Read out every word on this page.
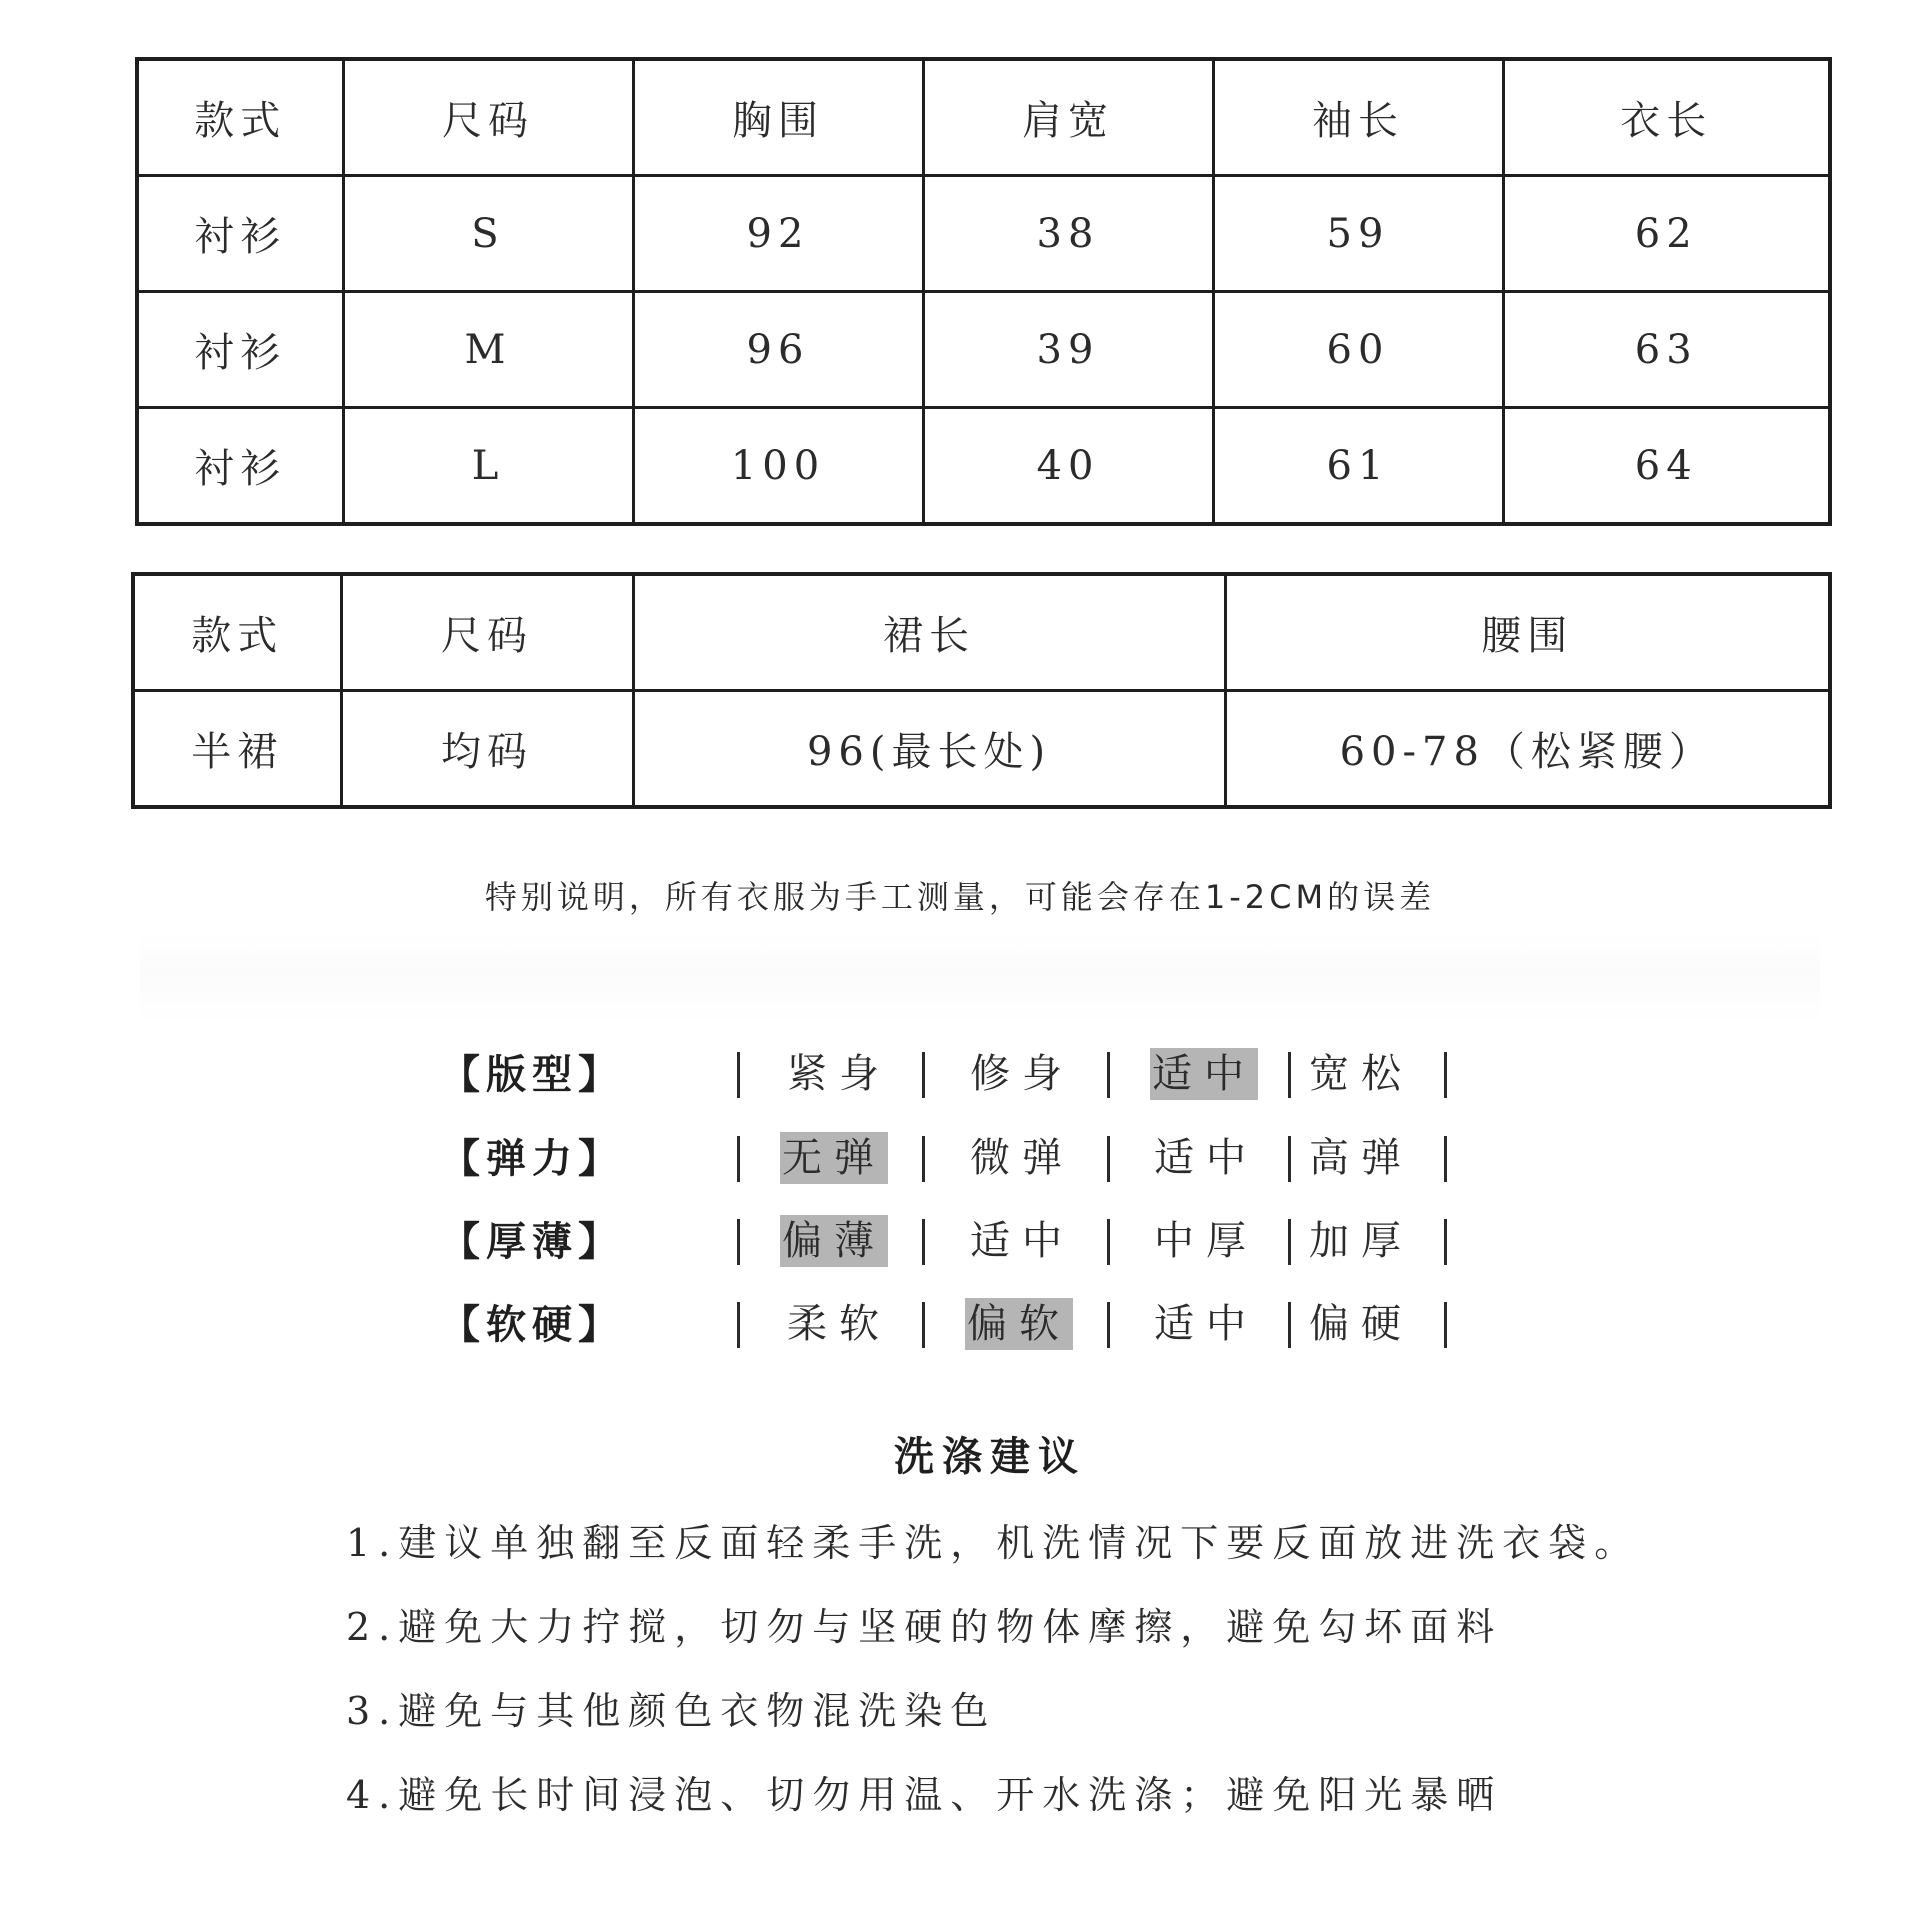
款式	尺码	胸围	肩宽	袖长	衣长
衬衫	S	92	38	59	62
衬衫	M	96	39	60	63
衬衫	L	100	40	61	64
款式	尺码	裙长	腰围
半裙	均码	96(最长处)	60-78（松紧腰）
特别说明，所有衣服为手工测量，可能会存在1-2CM的误差
【版型】	紧身 修身 适中 宽松
【弹力】	无弹 微弹 适中 高弹
【厚薄】	偏薄 适中 中厚 加厚
【软硬】	柔软 偏软 适中 偏硬
洗涤建议
1.建议单独翻至反面轻柔手洗，机洗情况下要反面放进洗衣袋。
2.避免大力拧搅，切勿与坚硬的物体摩擦，避免勾坏面料
3.避免与其他颜色衣物混洗染色
4.避免长时间浸泡、切勿用温、开水洗涤；避免阳光暴晒
